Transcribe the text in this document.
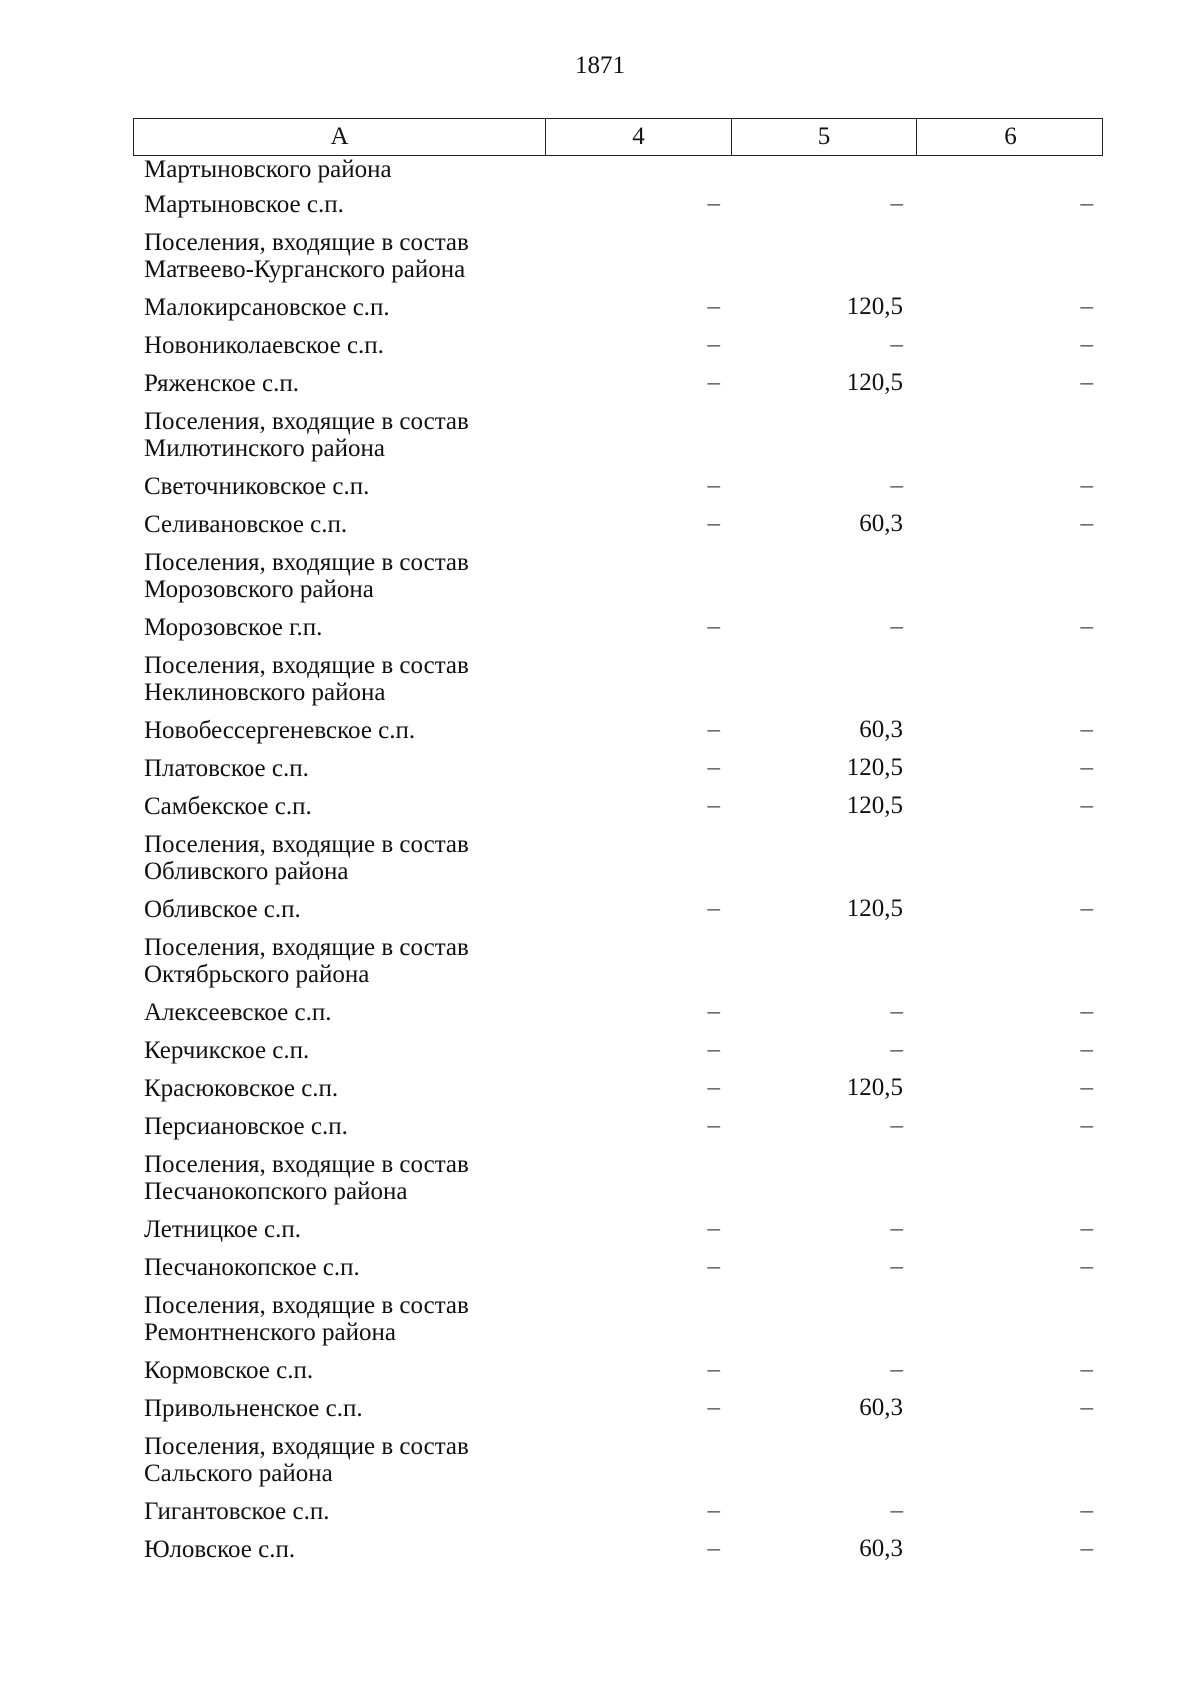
1871
А	4	5	6
Мартыновского района
Мартыновское с.п.	–	–	–
Поселения, входящие в состав
Матвеево-Курганского района
Малокирсановское с.п.	–	120,5	–
Новониколаевское с.п.	–	–	–
Ряженское с.п.	–	120,5	–
Поселения, входящие в состав
Милютинского района
Светочниковское с.п.	–	–	–
Селивановское с.п.	–	60,3	–
Поселения, входящие в состав
Морозовского района
Морозовское г.п.	–	–	–
Поселения, входящие в состав
Неклиновского района
Новобессергеневское с.п.	–	60,3	–
Платовское с.п.	–	120,5	–
Самбекское с.п.	–	120,5	–
Поселения, входящие в состав
Обливского района
Обливское с.п.	–	120,5	–
Поселения, входящие в состав
Октябрьского района
Алексеевское с.п.	–	–	–
Керчикское с.п.	–	–	–
Красюковское с.п.	–	120,5	–
Персиановское с.п.	–	–	–
Поселения, входящие в состав
Песчанокопского района
Летницкое с.п.	–	–	–
Песчанокопское с.п.	–	–	–
Поселения, входящие в состав
Ремонтненского района
Кормовское с.п.	–	–	–
Привольненское с.п.	–	60,3	–
Поселения, входящие в состав
Сальского района
Гигантовское с.п.	–	–	–
Юловское с.п.	–	60,3	–
